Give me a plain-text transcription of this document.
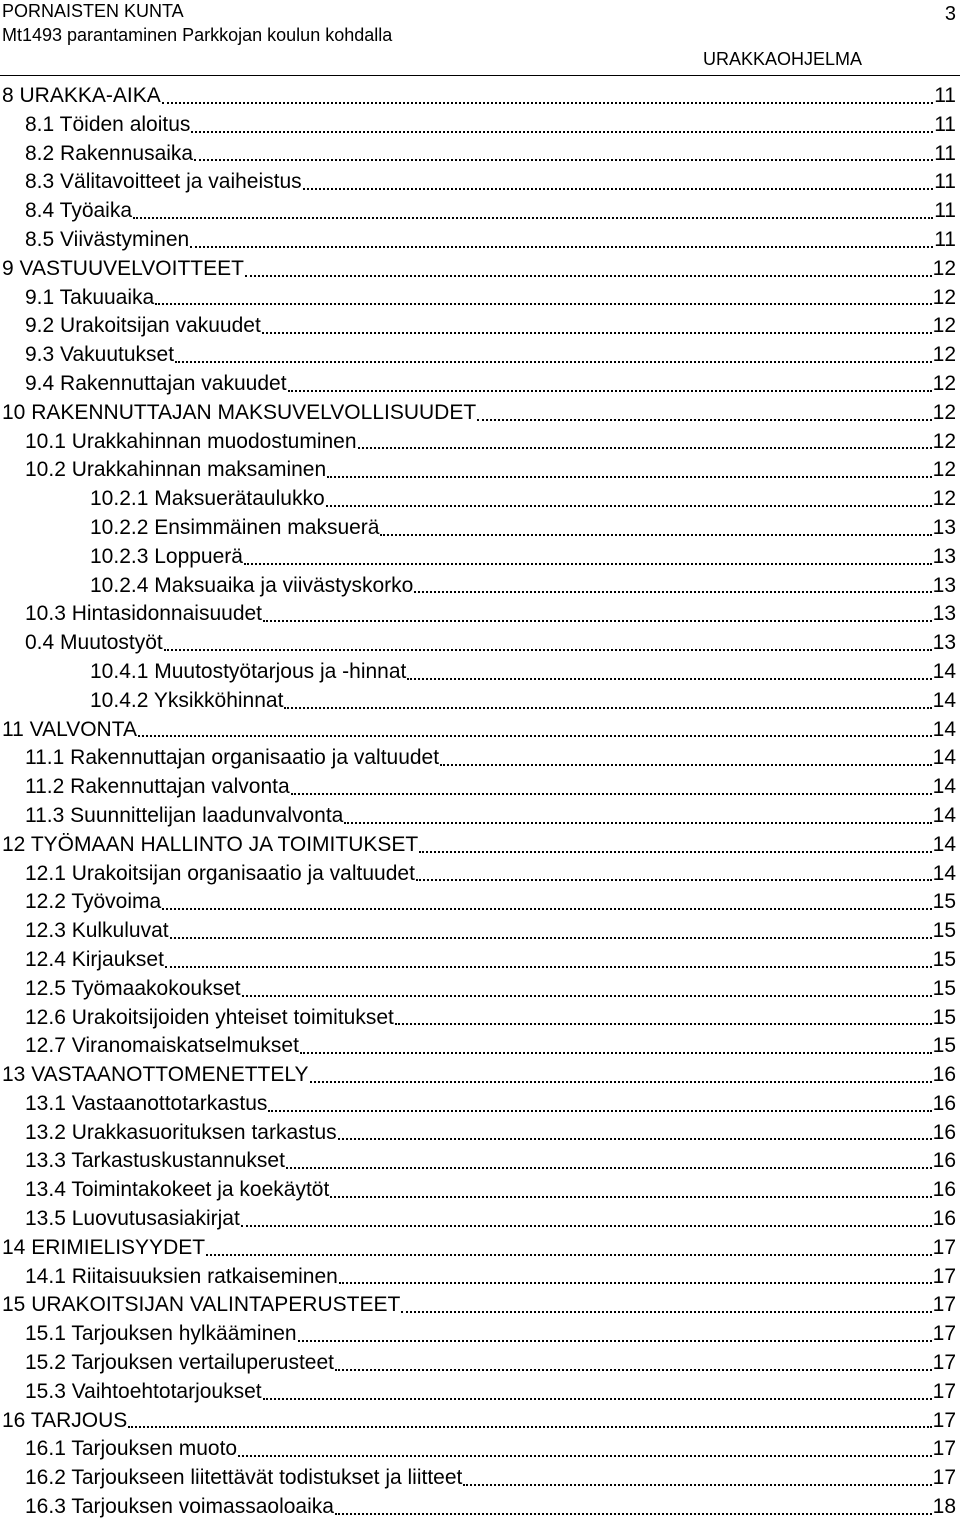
PORNAISTEN KUNTA
Mt1493 parantaminen Parkkojan koulun kohdalla
3
URAKKAOHJELMA
8 URAKKA-AIKA	11
8.1 Töiden aloitus	11
8.2 Rakennusaika	11
8.3 Välitavoitteet ja vaiheistus	11
8.4 Työaika	11
8.5 Viivästyminen	11
9 VASTUUVELVOITTEET	12
9.1 Takuuaika	12
9.2 Urakoitsijan vakuudet	12
9.3 Vakuutukset	12
9.4 Rakennuttajan vakuudet	12
10 RAKENNUTTAJAN MAKSUVELVOLLISUUDET	12
10.1 Urakkahinnan muodostuminen	12
10.2 Urakkahinnan maksaminen	12
10.2.1 Maksuerätaulukko	12
10.2.2 Ensimmäinen maksuerä	13
10.2.3 Loppuerä	13
10.2.4 Maksuaika ja viivästyskorko	13
10.3 Hintasidonnaisuudet	13
0.4 Muutostyöt	13
10.4.1 Muutostyötarjous ja -hinnat	14
10.4.2 Yksikköhinnat	14
11 VALVONTA	14
11.1 Rakennuttajan organisaatio ja valtuudet	14
11.2 Rakennuttajan valvonta	14
11.3 Suunnittelijan laadunvalvonta	14
12 TYÖMAAN HALLINTO JA TOIMITUKSET	14
12.1 Urakoitsijan organisaatio ja valtuudet	14
12.2 Työvoima	15
12.3 Kulkuluvat	15
12.4 Kirjaukset	15
12.5 Työmaakokoukset	15
12.6 Urakoitsijoiden yhteiset toimitukset	15
12.7 Viranomaiskatselmukset	15
13 VASTAANOTTOMENETTELY	16
13.1 Vastaanottotarkastus	16
13.2 Urakkasuorituksen tarkastus	16
13.3 Tarkastuskustannukset	16
13.4 Toimintakokeet ja koekäytöt	16
13.5 Luovutusasiakirjat	16
14 ERIMIELISYYDET	17
14.1 Riitaisuuksien ratkaiseminen	17
15 URAKOITSIJAN VALINTAPERUSTEET	17
15.1 Tarjouksen hylkääminen	17
15.2 Tarjouksen vertailuperusteet	17
15.3 Vaihtoehtotarjoukset	17
16 TARJOUS	17
16.1 Tarjouksen muoto	17
16.2 Tarjoukseen liitettävät todistukset ja liitteet	17
16.3 Tarjouksen voimassaoloaika	18
